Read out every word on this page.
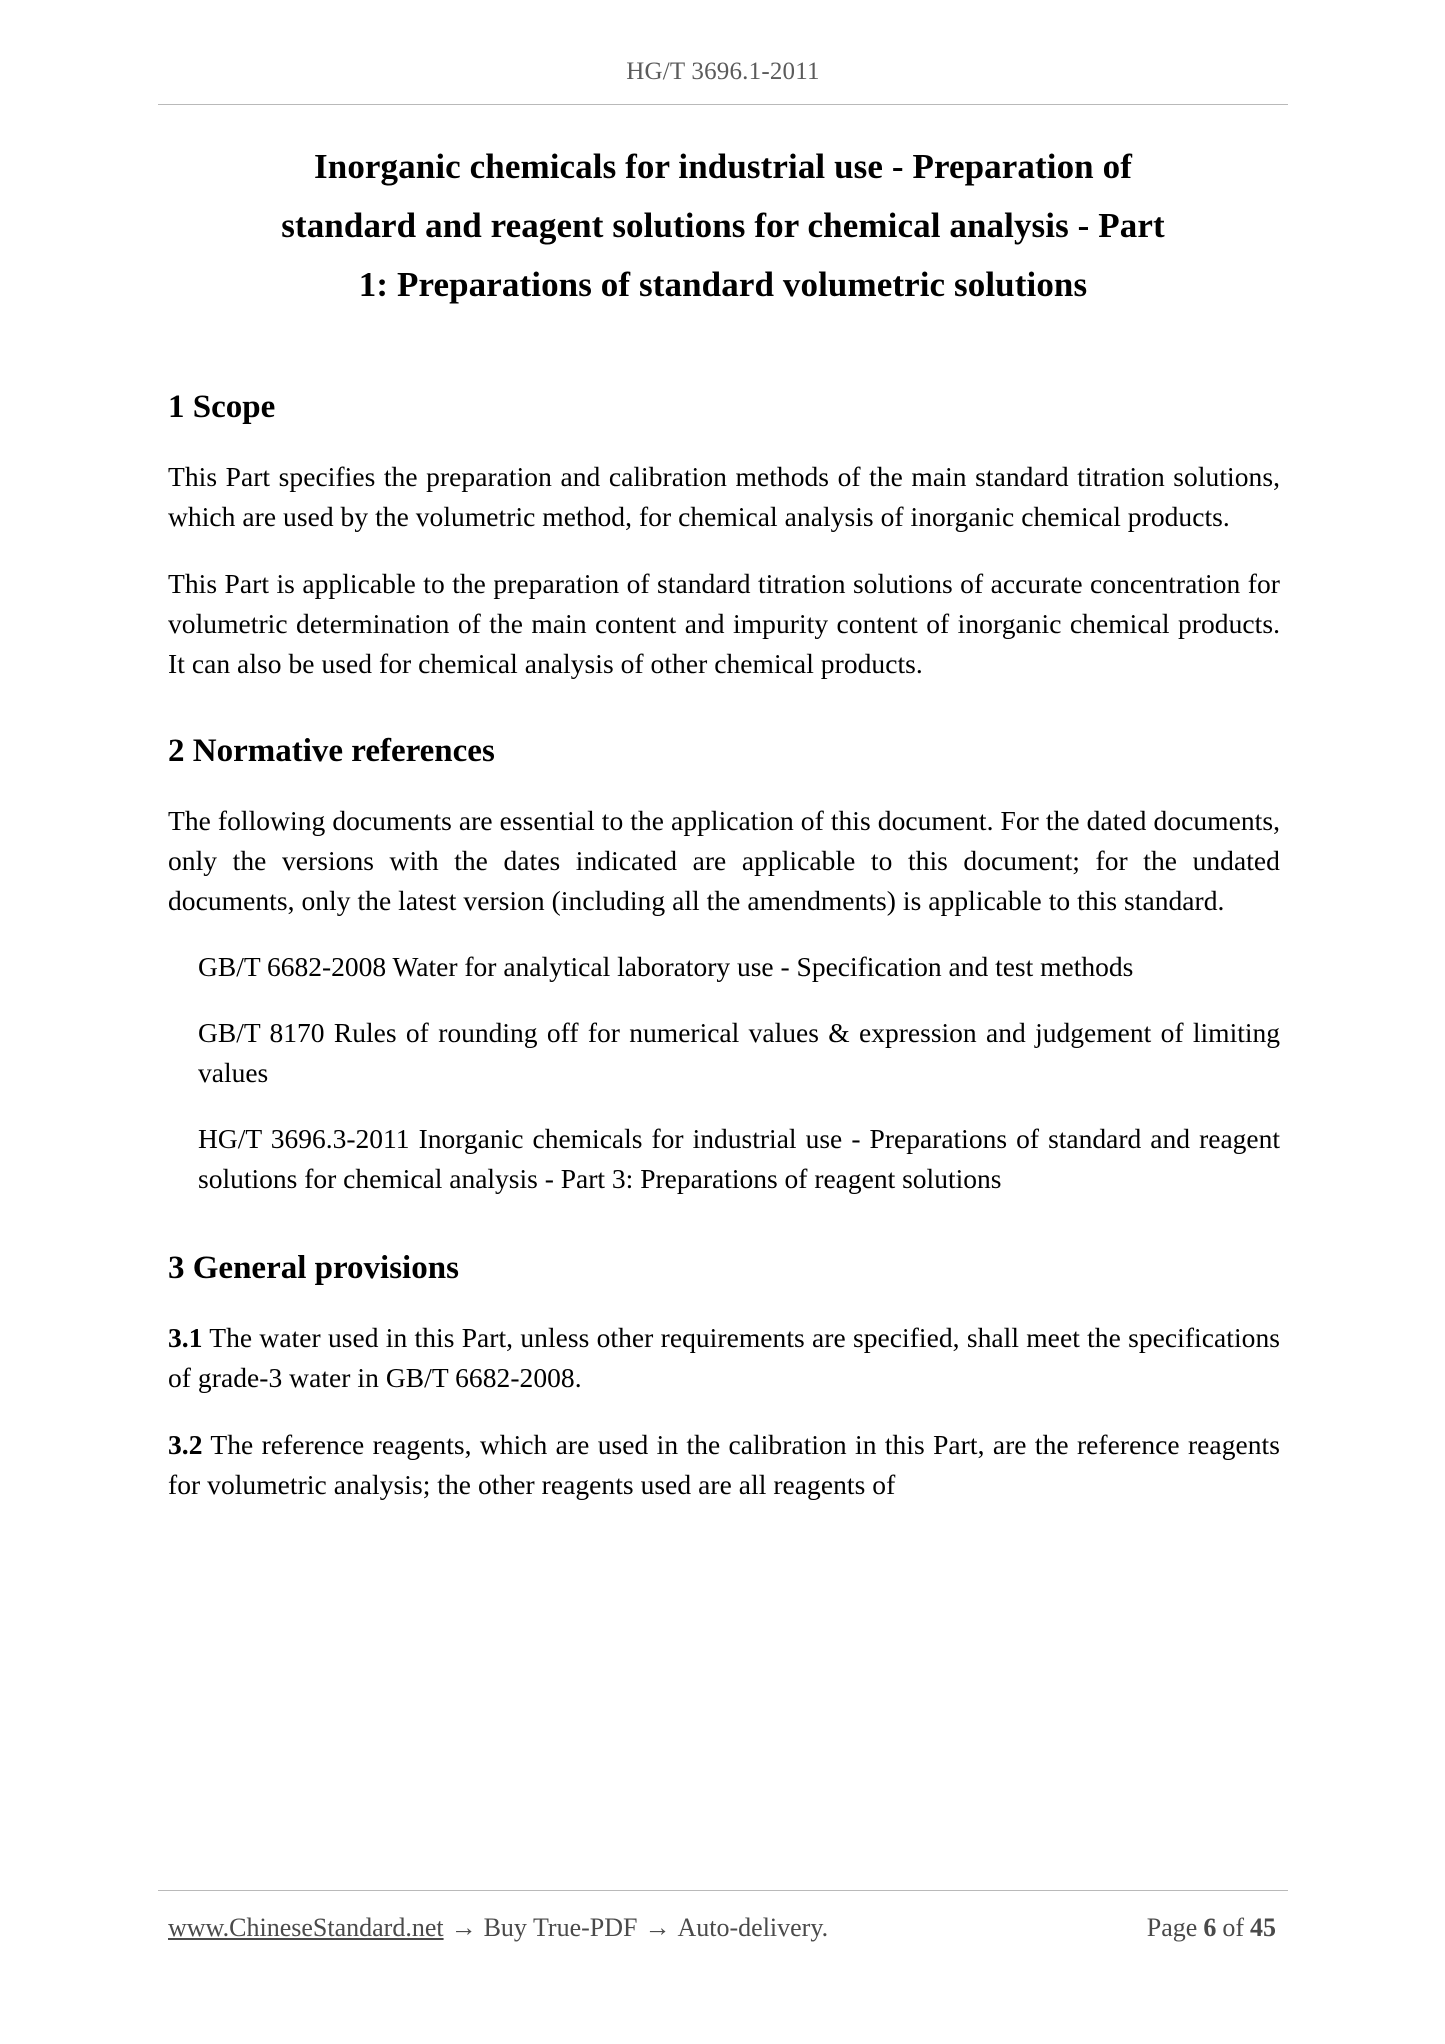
HG/T 3696.1-2011
Inorganic chemicals for industrial use - Preparation of
standard and reagent solutions for chemical analysis - Part
1: Preparations of standard volumetric solutions
1 Scope

This Part specifies the preparation and calibration methods of the main standard titration solutions, which are used by the volumetric method, for chemical analysis of inorganic chemical products.

This Part is applicable to the preparation of standard titration solutions of accurate concentration for volumetric determination of the main content and impurity content of inorganic chemical products. It can also be used for chemical analysis of other chemical products.

2 Normative references

The following documents are essential to the application of this document. For the dated documents, only the versions with the dates indicated are applicable to this document; for the undated documents, only the latest version (including all the amendments) is applicable to this standard.

GB/T 6682-2008 Water for analytical laboratory use - Specification and test methods

GB/T 8170 Rules of rounding off for numerical values & expression and judgement of limiting values

HG/T 3696.3-2011 Inorganic chemicals for industrial use - Preparations of standard and reagent solutions for chemical analysis - Part 3: Preparations of reagent solutions

3 General provisions

3.1 The water used in this Part, unless other requirements are specified, shall meet the specifications of grade-3 water in GB/T 6682-2008.

3.2 The reference reagents, which are used in the calibration in this Part, are the reference reagents for volumetric analysis; the other reagents used are all reagents of

www.ChineseStandard.net → Buy True-PDF → Auto-delivery.	Page 6 of 45
